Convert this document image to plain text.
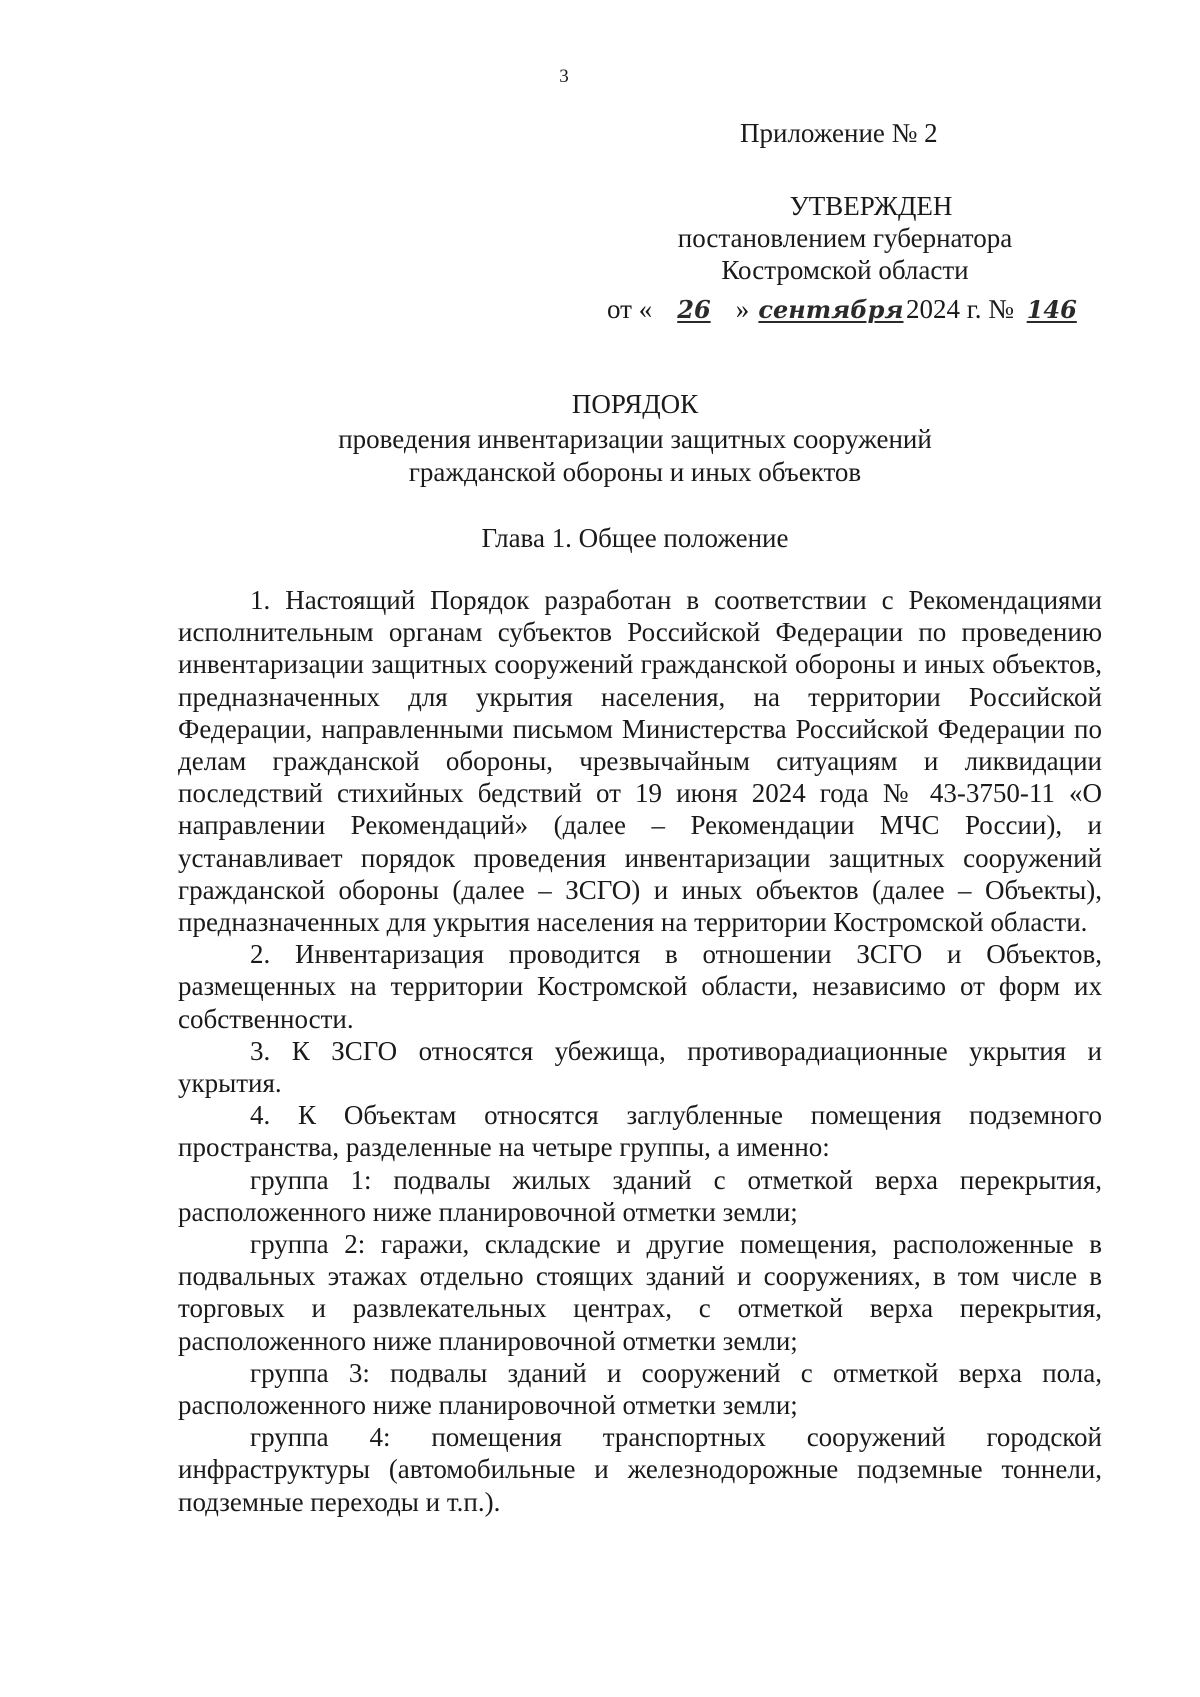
3
Приложение № 2
УТВЕРЖДЕН
постановлением губернатора
Костромской области
от « 26 » сентября2024 г. № 146
ПОРЯДОК
проведения инвентаризации защитных сооружений
гражданской обороны и иных объектов
Глава 1. Общее положение

1. Настоящий Порядок разработан в соответствии с Рекомендациями исполнительным органам субъектов Российской Федерации по проведению инвентаризации защитных сооружений гражданской обороны и иных объектов, предназначенных для укрытия населения, на территории Российской Федерации, направленными письмом Министерства Российской Федерации по делам гражданской обороны, чрезвычайным ситуациям и ликвидации последствий стихийных бедствий от 19 июня 2024 года № 43-3750-11 «О направлении Рекомендаций» (далее – Рекомендации МЧС России), и устанавливает порядок проведения инвентаризации защитных сооружений гражданской обороны (далее – ЗСГО) и иных объектов (далее – Объекты), предназначенных для укрытия населения на территории Костромской области.

2. Инвентаризация проводится в отношении ЗСГО и Объектов, размещенных на территории Костромской области, независимо от форм их собственности.

3. К ЗСГО относятся убежища, противорадиационные укрытия и укрытия.

4. К Объектам относятся заглубленные помещения подземного пространства, разделенные на четыре группы, а именно:

группа 1: подвалы жилых зданий с отметкой верха перекрытия, расположенного ниже планировочной отметки земли;

группа 2: гаражи, складские и другие помещения, расположенные в подвальных этажах отдельно стоящих зданий и сооружениях, в том числе в торговых и развлекательных центрах, с отметкой верха перекрытия, расположенного ниже планировочной отметки земли;

группа 3: подвалы зданий и сооружений с отметкой верха пола, расположенного ниже планировочной отметки земли;

группа 4: помещения транспортных сооружений городской инфраструктуры (автомобильные и железнодорожные подземные тоннели, подземные переходы и т.п.).
